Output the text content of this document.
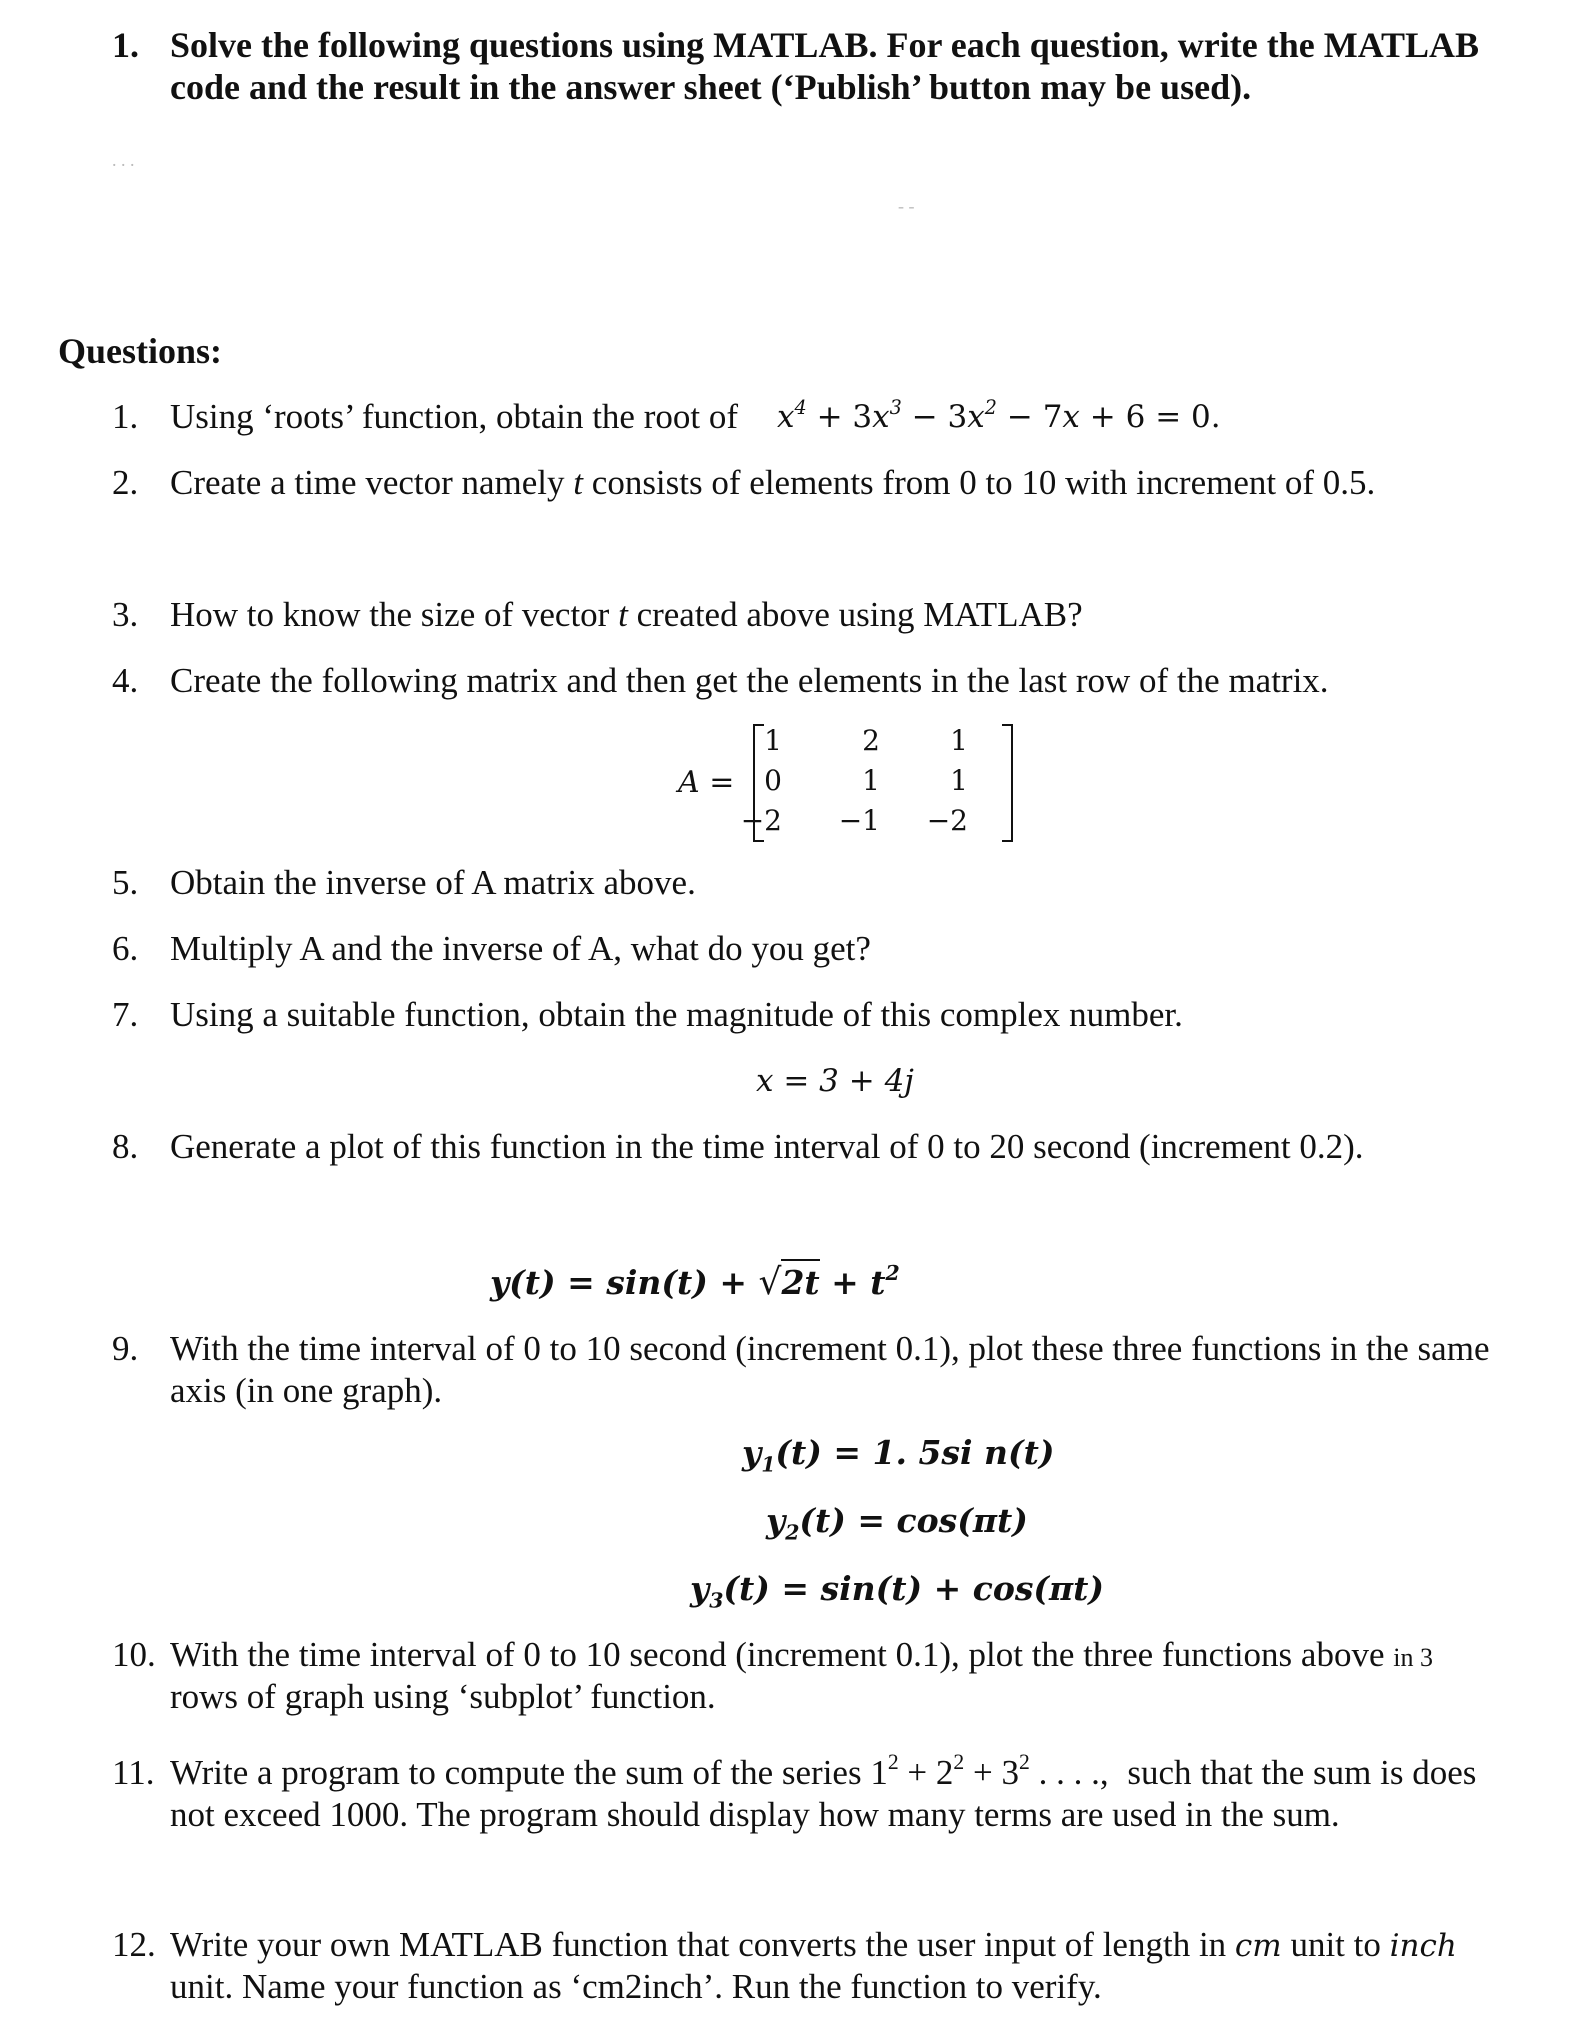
1. Solve the following questions using MATLAB. For each question, write the MATLAB
code and the result in the answer sheet (‘Publish’ button may be used).
. . .
- -
Questions:
1. Using ‘roots’ function, obtain the root of $x^4 + 3x^3 - 3x^2 - 7x + 6 = 0$.
2. Create a time vector namely t consists of elements from 0 to 10 with increment of 0.5.
3. How to know the size of vector t created above using MATLAB?
4. Create the following matrix and then get the elements in the last row of the matrix.
A =
1	2	1
0	1	1
−2	−1	−2
5. Obtain the inverse of A matrix above.
6. Multiply A and the inverse of A, what do you get?
7. Using a suitable function, obtain the magnitude of this complex number.
x = 3 + 4j
8. Generate a plot of this function in the time interval of 0 to 20 second (increment 0.2).
$y(t) = \sin(t) + √2t + t^2$
9. With the time interval of 0 to 10 second (increment 0.1), plot these three functions in the same
axis (in one graph).
$y_1(t) = 1$. 5si n(t)
$y_2(t) = \cos(\pi t)$
$y_3(t) = \sin(t) + \cos(\pi t)$
10. With the time interval of 0 to 10 second (increment 0.1), plot the three functions above in 3
rows of graph using ‘subplot’ function.
11. Write a program to compute the sum of the series $1^2 + 2^2 + 3^2$ . . . ., such that the sum is does
not exceed 1000. The program should display how many terms are used in the sum.
12. Write your own MATLAB function that converts the user input of length in cm unit to inch
unit. Name your function as ‘cm2inch’. Run the function to verify.
